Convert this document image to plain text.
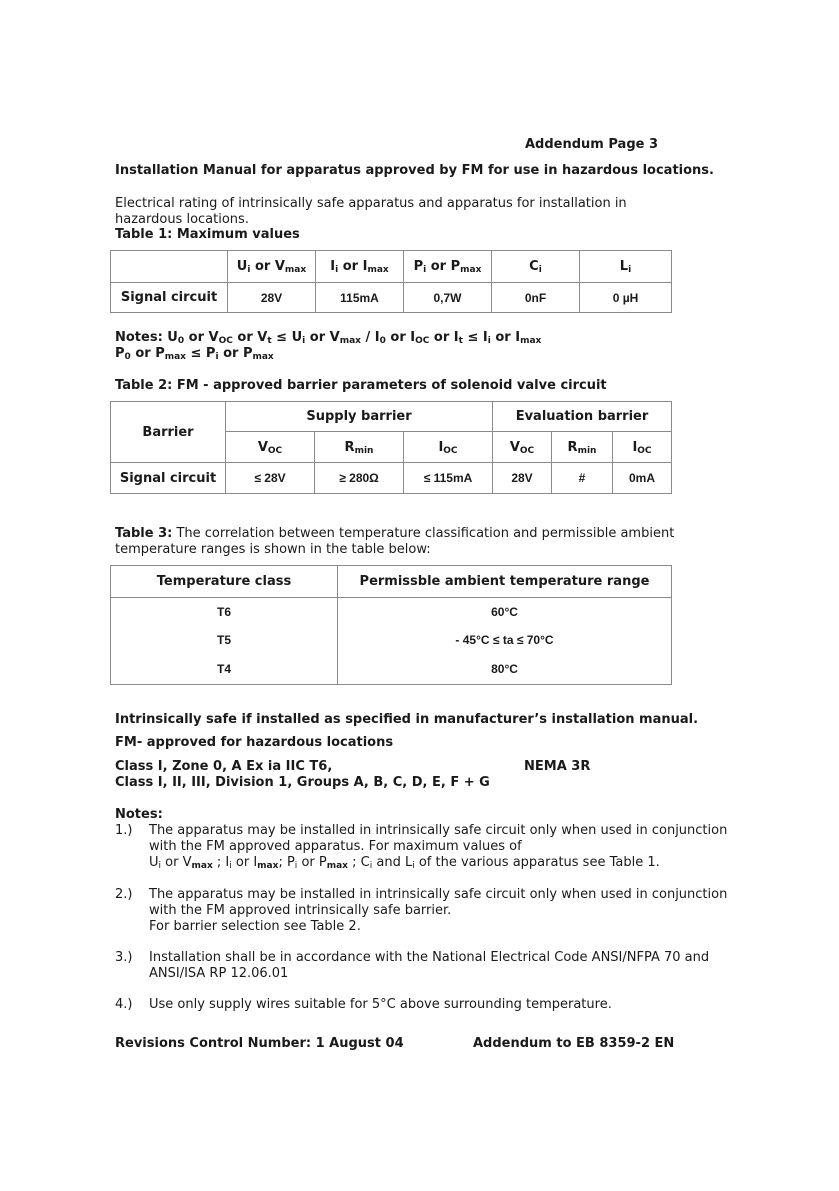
Addendum Page 3
Installation Manual for apparatus approved by FM for use in hazardous locations.
Electrical rating of intrinsically safe apparatus and apparatus for installation in hazardous locations.
Table 1: Maximum values
	Ui or Vmax	Ii or Imax	Pi or Pmax	Ci	Li
Signal circuit	28V	115mA	0,7W	0nF	0 µH
Notes: U0 or VOC or Vt ≤ Ui or Vmax / I0 or IOC or It ≤ Ii or Imax
P0 or Pmax ≤ Pi or Pmax
Table 2: FM - approved barrier parameters of solenoid valve circuit
Barrier	Supply barrier			Evaluation barrier		
	VOC	Rmin	IOC	VOC	Rmin	IOC
Signal circuit	≤ 28V	≥ 280Ω	≤ 115mA	28V	#	0mA
Table 3: The correlation between temperature classification and permissible ambient temperature ranges is shown in the table below:
Temperature class	Permissble ambient temperature range
T6	60°C
T5	- 45°C ≤ ta ≤ 70°C
T4	80°C
Intrinsically safe if installed as specified in manufacturer’s installation manual.
FM- approved for hazardous locations
Class I, Zone 0, A Ex ia IIC T6,	NEMA 3R
Class I, II, III, Division 1, Groups A, B, C, D, E, F + G
Notes:
1.) The apparatus may be installed in intrinsically safe circuit only when used in conjunction
with the FM approved apparatus. For maximum values of
Ui or Vmax ; Ii or Imax; Pi or Pmax ; Ci and Li of the various apparatus see Table 1.
2.) The apparatus may be installed in intrinsically safe circuit only when used in conjunction
with the FM approved intrinsically safe barrier.
For barrier selection see Table 2.
3.) Installation shall be in accordance with the National Electrical Code ANSI/NFPA 70 and
ANSI/ISA RP 12.06.01
4.) Use only supply wires suitable for 5°C above surrounding temperature.
Revisions Control Number: 1 August 04	Addendum to EB 8359-2 EN
